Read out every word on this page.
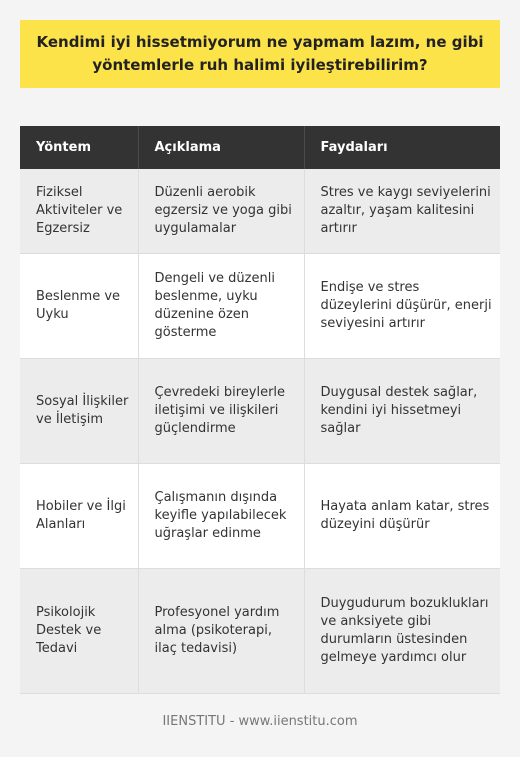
Kendimi iyi hissetmiyorum ne yapmam lazım, ne gibi yöntemlerle ruh halimi iyileştirebilirim?
Yöntem	Açıklama	Faydaları
Fiziksel Aktiviteler ve Egzersiz	Düzenli aerobik egzersiz ve yoga gibi uygulamalar	Stres ve kaygı seviyelerini azaltır, yaşam kalitesini artırır
Beslenme ve Uyku	Dengeli ve düzenli beslenme, uyku düzenine özen gösterme	Endişe ve stres düzeylerini düşürür, enerji seviyesini artırır
Sosyal İlişkiler ve İletişim	Çevredeki bireylerle iletişimi ve ilişkileri güçlendirme	Duygusal destek sağlar, kendini iyi hissetmeyi sağlar
Hobiler ve İlgi Alanları	Çalışmanın dışında keyifle yapılabilecek uğraşlar edinme	Hayata anlam katar, stres düzeyini düşürür
Psikolojik Destek ve Tedavi	Profesyonel yardım alma (psikoterapi, ilaç tedavisi)	Duygudurum bozuklukları ve anksiyete gibi durumların üstesinden gelmeye yardımcı olur
IIENSTITU - www.iienstitu.com
